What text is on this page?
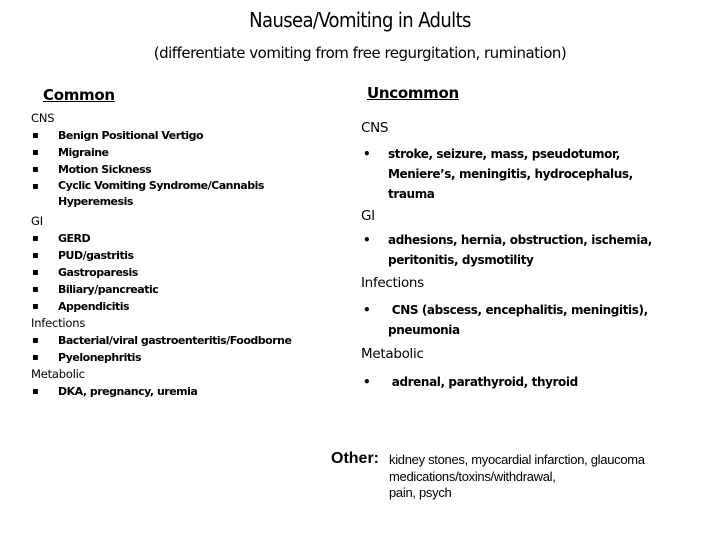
Nausea/Vomiting in Adults
(differentiate vomiting from free regurgitation, rumination)
Common	Uncommon
CNS
▪ Benign Positional Vertigo
▪ Migraine
▪ Motion Sickness
▪ Cyclic Vomiting Syndrome/Cannabis Hyperemesis
GI
▪ GERD
▪ PUD/gastritis
▪ Gastroparesis
▪ Biliary/pancreatic
▪ Appendicitis
Infections
▪ Bacterial/viral gastroenteritis/Foodborne
▪ Pyelonephritis
Metabolic
▪ DKA, pregnancy, uremia
CNS
• stroke, seizure, mass, pseudotumor, Meniere’s, meningitis, hydrocephalus, trauma
GI
• adhesions, hernia, obstruction, ischemia, peritonitis, dysmotility
Infections
• CNS (abscess, encephalitis, meningitis), pneumonia
Metabolic
• adrenal, parathyroid, thyroid
Other: kidney stones, myocardial infarction, glaucoma
medications/toxins/withdrawal,
pain, psych
